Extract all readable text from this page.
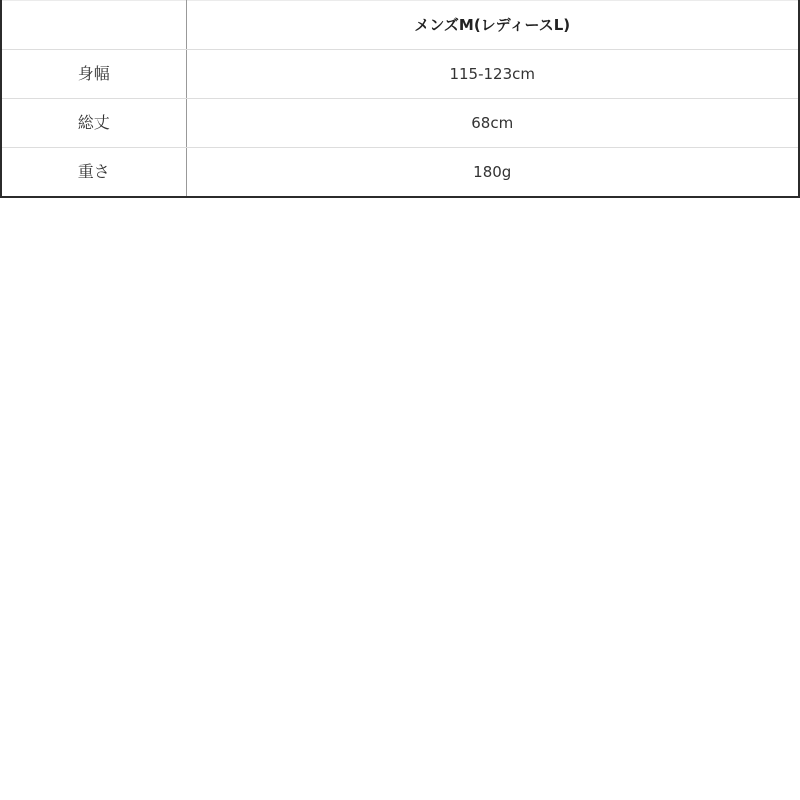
	メンズM(レディースL)
身幅	115-123cm
総丈	68cm
重さ	180g
